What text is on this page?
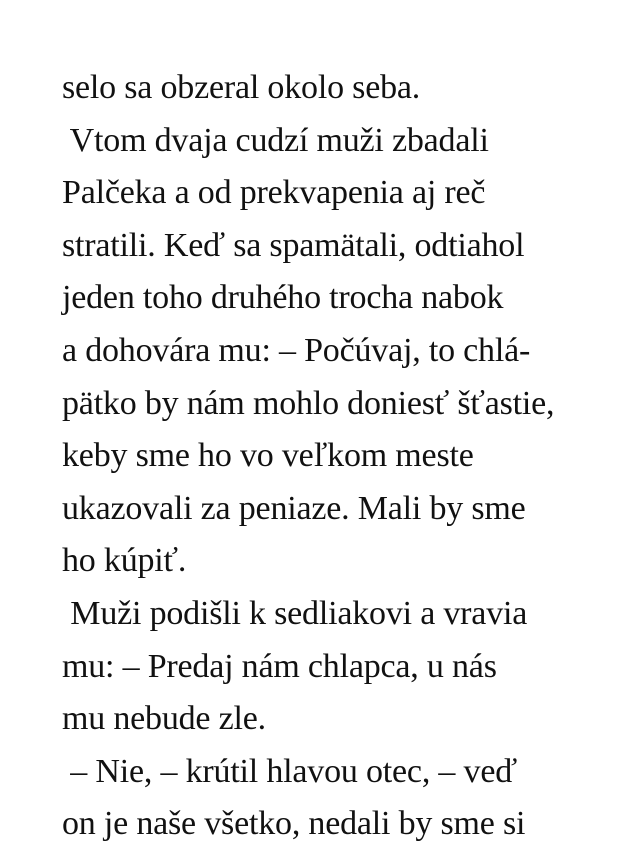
selo sa obzeral okolo seba.
Vtom dvaja cudzí muži zbadali
Palčeka a od prekvapenia aj reč
stratili. Keď sa spamätali, odtiahol
jeden toho druhého trocha nabok
a dohovára mu: – Počúvaj, to chlá-
pätko by nám mohlo doniesť šťastie,
keby sme ho vo veľkom meste
ukazovali za peniaze. Mali by sme
ho kúpiť.
Muži podišli k sedliakovi a vravia
mu: – Predaj nám chlapca, u nás
mu nebude zle.
– Nie, – krútil hlavou otec, – veď
on je naše všetko, nedali by sme si
